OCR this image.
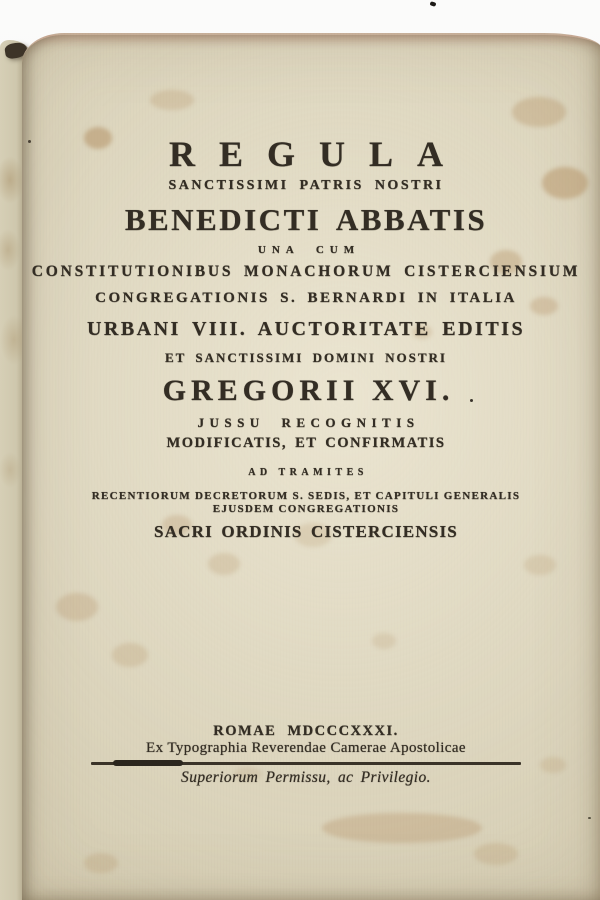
REGULA
SANCTISSIMI PATRIS NOSTRI
BENEDICTI ABBATIS
UNA CUM
CONSTITUTIONIBUS MONACHORUM CISTERCIENSIUM
CONGREGATIONIS S. BERNARDI IN ITALIA
URBANI VIII. AUCTORITATE EDITIS
ET SANCTISSIMI DOMINI NOSTRI
GREGORII XVI.
JUSSU RECOGNITIS
MODIFICATIS, ET CONFIRMATIS
AD TRAMITES
RECENTIORUM DECRETORUM S. SEDIS, ET CAPITULI GENERALIS
EJUSDEM CONGREGATIONIS
SACRI ORDINIS CISTERCIENSIS
ROMAE MDCCCXXXI.
Ex Typographia Reverendae Camerae Apostolicae
Superiorum Permissu, ac Privilegio.
